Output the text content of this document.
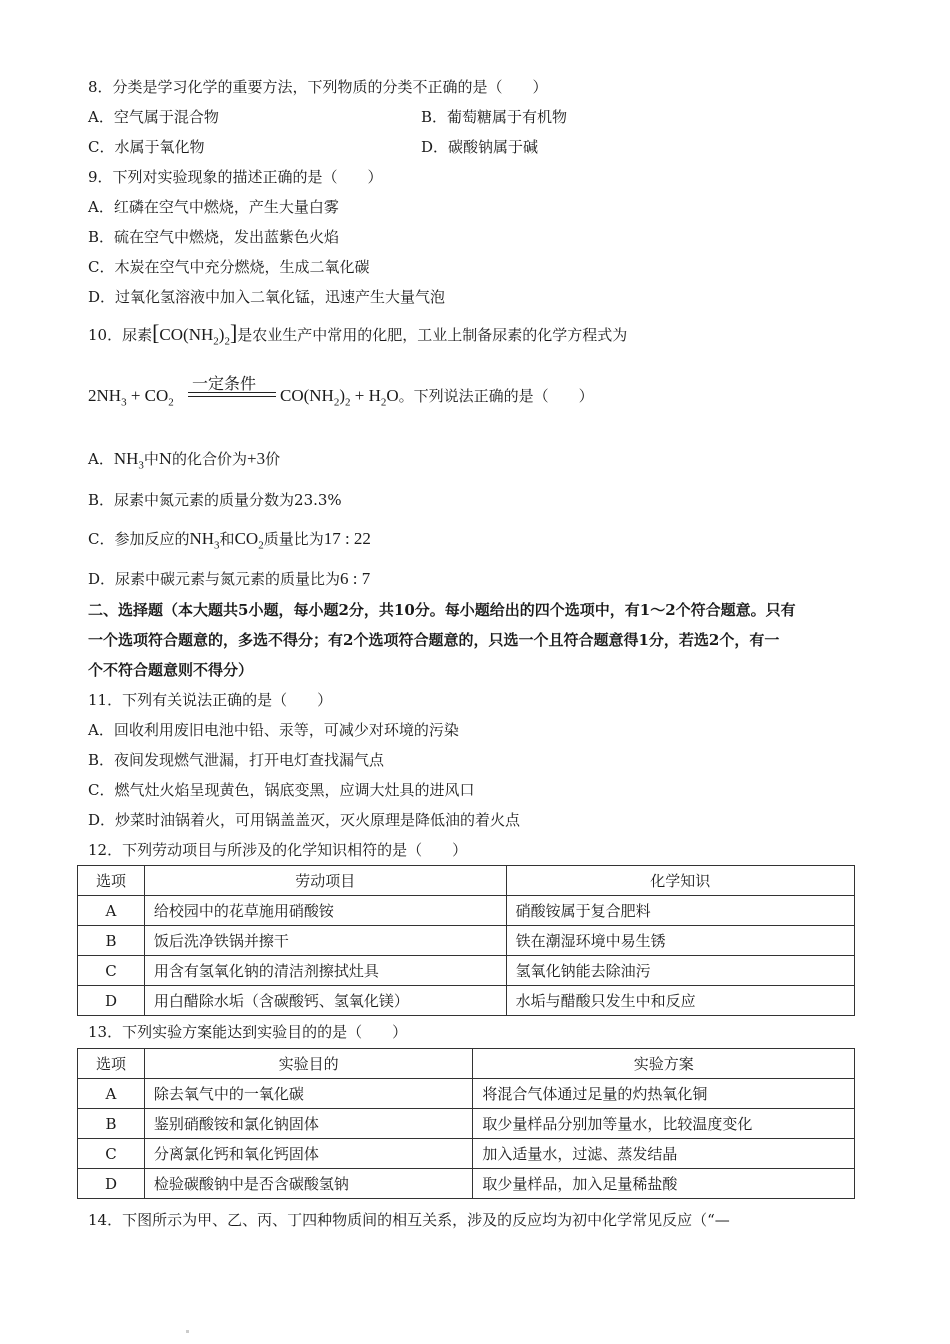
8．分类是学习化学的重要方法，下列物质的分类不正确的是（　　）
A．空气属于混合物	B．葡萄糖属于有机物
C．水属于氧化物	D．碳酸钠属于碱
9．下列对实验现象的描述正确的是（　　）
A．红磷在空气中燃烧，产生大量白雾
B．硫在空气中燃烧，发出蓝紫色火焰
C．木炭在空气中充分燃烧，生成二氧化碳
D．过氧化氢溶液中加入二氧化锰，迅速产生大量气泡
10．尿素$[CO(NH_2)_2]$是农业生产中常用的化肥，工业上制备尿素的化学方程式为
一定条件
$2NH_3 + CO_2$	$CO(NH_2)_2 + H_2O$。下列说法正确的是（　　）
A．$NH_3$中N的化合价为+3价
B．尿素中氮元素的质量分数为23.3%
C．参加反应的$NH_3$和$CO_2$质量比为17 : 22
D．尿素中碳元素与氮元素的质量比为6 : 7
二、选择题（本大题共5小题，每小题2分，共10分。每小题给出的四个选项中，有1～2个符合题意。只有
一个选项符合题意的，多选不得分；有2个选项符合题意的，只选一个且符合题意得1分，若选2个，有一
个不符合题意则不得分）
11．下列有关说法正确的是（　　）
A．回收利用废旧电池中铅、汞等，可减少对环境的污染
B．夜间发现燃气泄漏，打开电灯查找漏气点
C．燃气灶火焰呈现黄色，锅底变黑，应调大灶具的进风口
D．炒菜时油锅着火，可用锅盖盖灭，灭火原理是降低油的着火点
12．下列劳动项目与所涉及的化学知识相符的是（　　）
选项	劳动项目	化学知识
A	给校园中的花草施用硝酸铵	硝酸铵属于复合肥料
B	饭后洗净铁锅并擦干	铁在潮湿环境中易生锈
C	用含有氢氧化钠的清洁剂擦拭灶具	氢氧化钠能去除油污
D	用白醋除水垢（含碳酸钙、氢氧化镁）	水垢与醋酸只发生中和反应
13．下列实验方案能达到实验目的的是（　　）
选项	实验目的	实验方案
A	除去氧气中的一氧化碳	将混合气体通过足量的灼热氧化铜
B	鉴别硝酸铵和氯化钠固体	取少量样品分别加等量水，比较温度变化
C	分离氯化钙和氧化钙固体	加入适量水，过滤、蒸发结晶
D	检验碳酸钠中是否含碳酸氢钠	取少量样品，加入足量稀盐酸
14．下图所示为甲、乙、丙、丁四种物质间的相互关系，涉及的反应均为初中化学常见反应（“—
